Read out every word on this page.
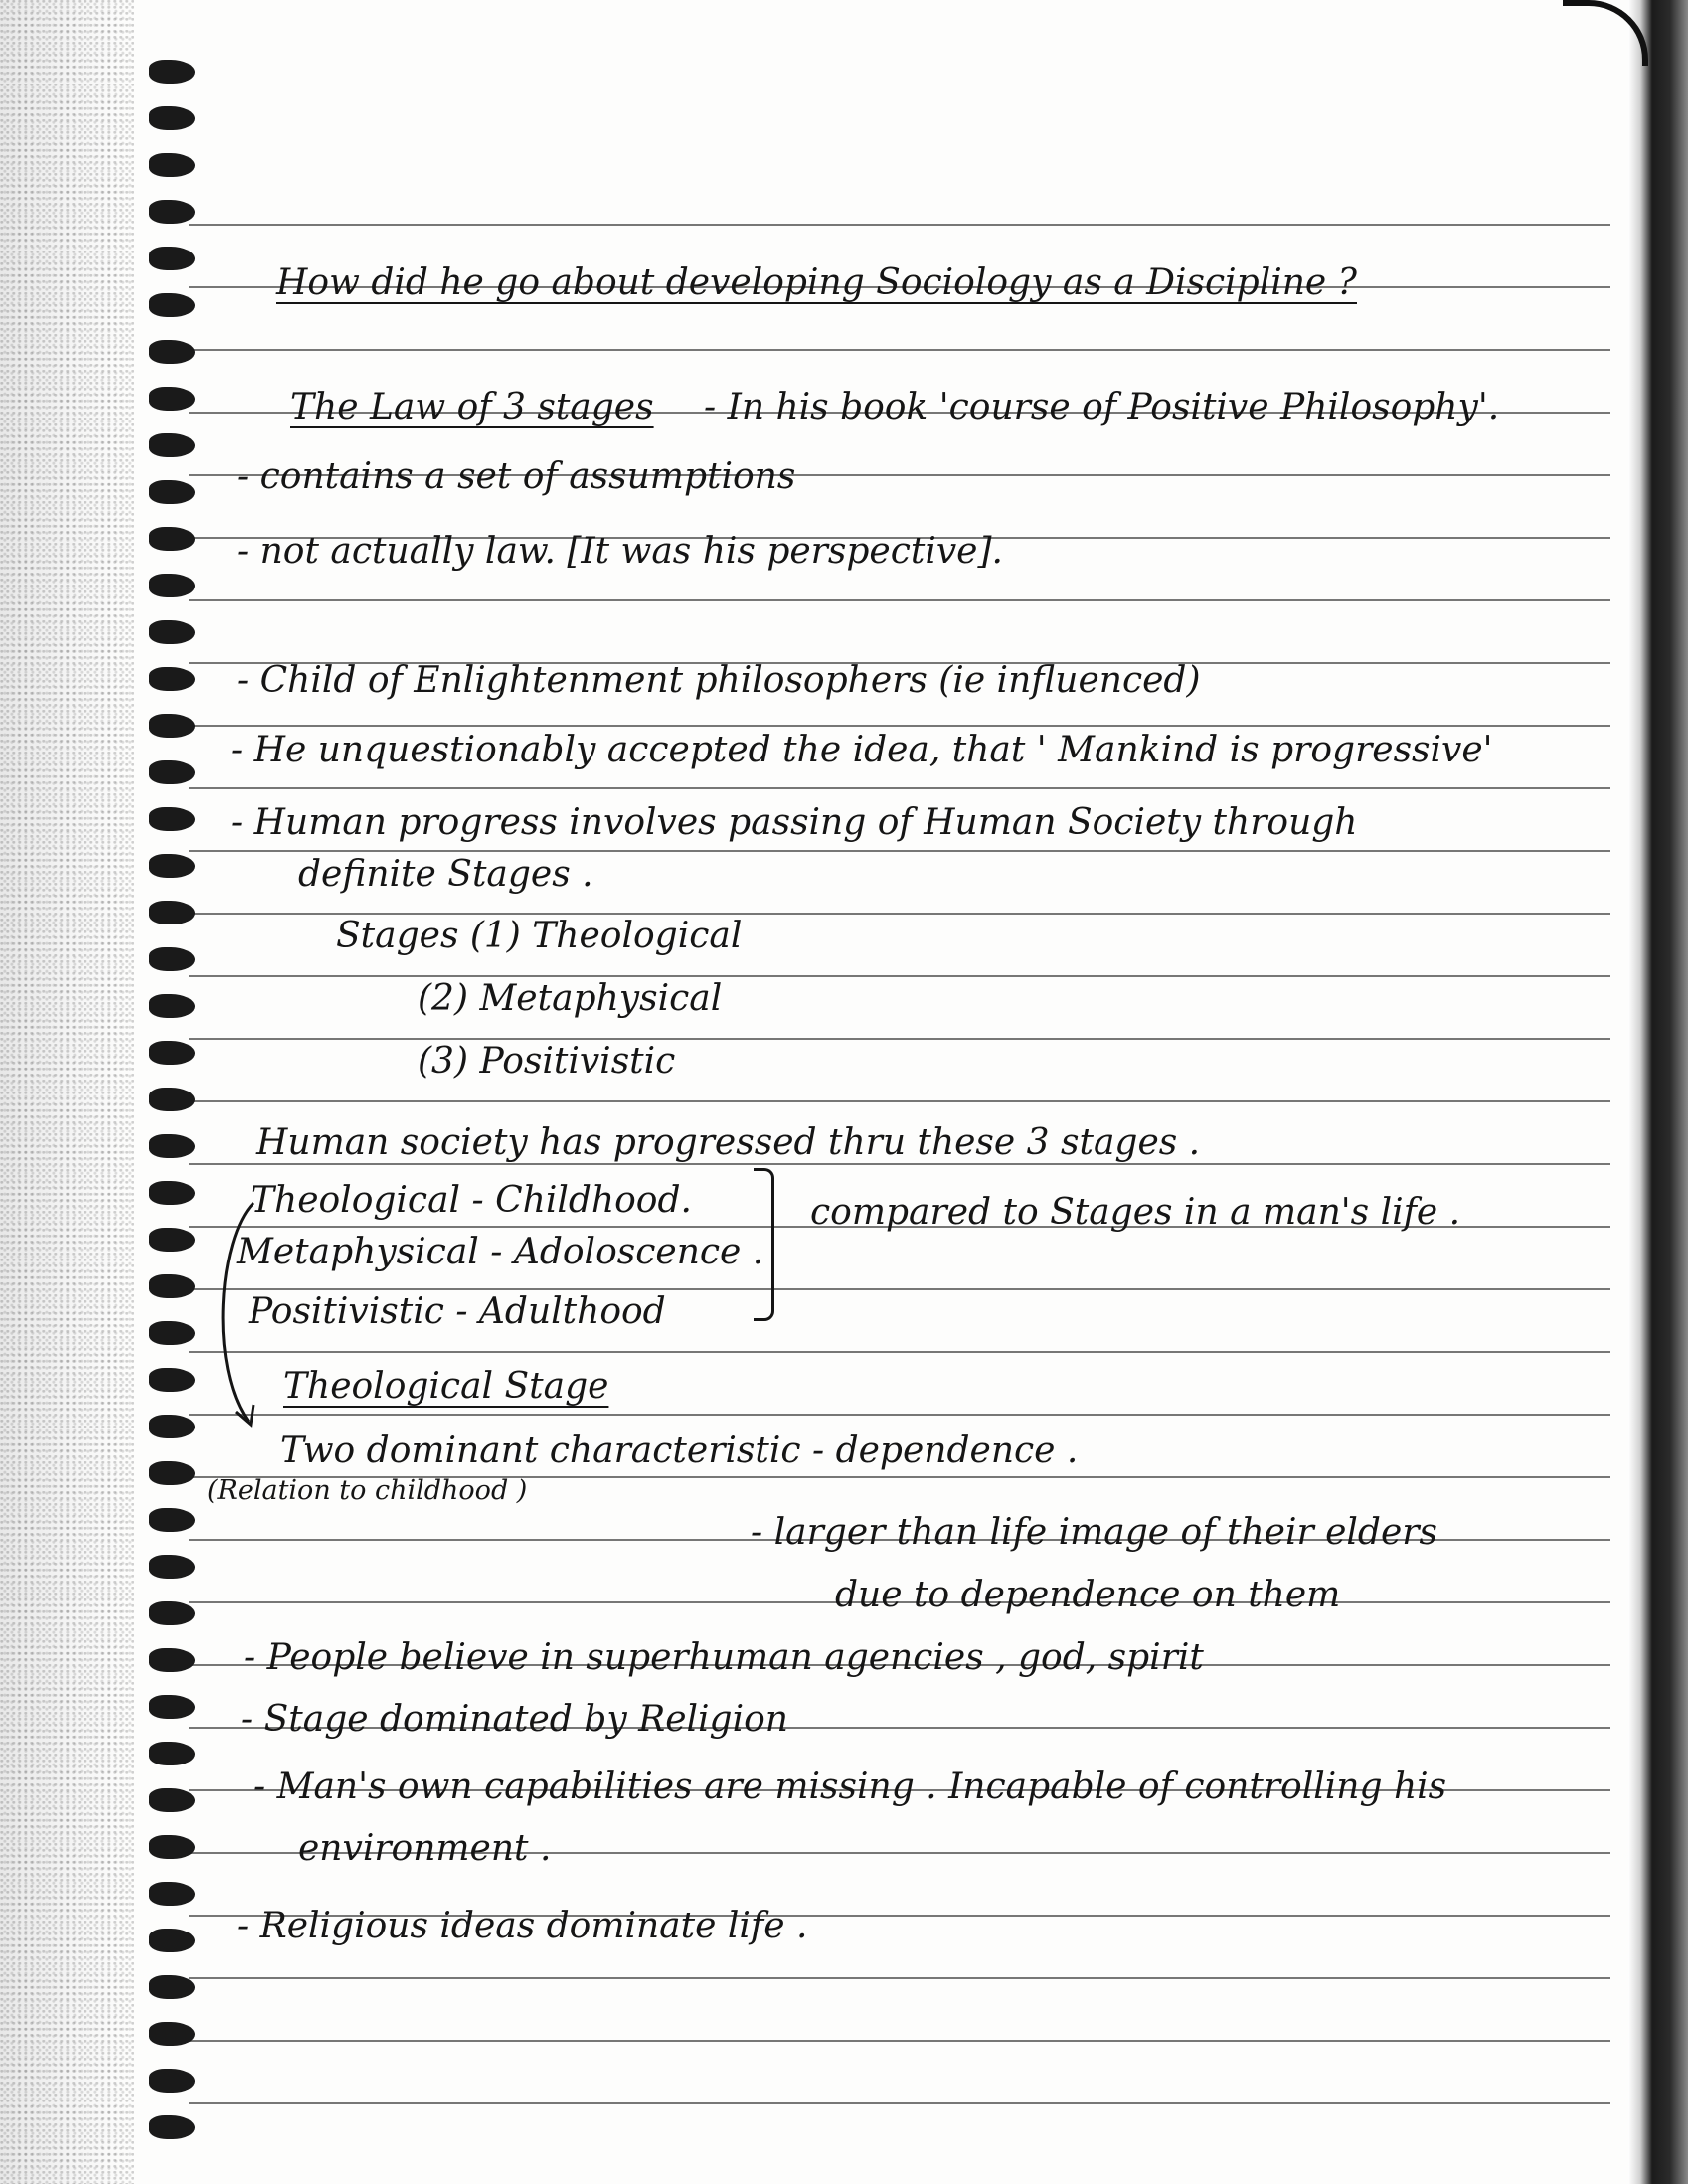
How did he go about developing Sociology as a Discipline ?
The Law of 3 stages - In his book 'course of Positive Philosophy'.
- contains a set of assumptions
- not actually law. [It was his perspective].
- Child of Enlightenment philosophers (ie influenced)
- He unquestionably accepted the idea, that ' Mankind is progressive'
- Human progress involves passing of Human Society through
definite Stages .
Stages (1) Theological
(2) Metaphysical
(3) Positivistic
Human society has progressed thru these 3 stages .
Theological - Childhood.
Metaphysical - Adoloscence .
Positivistic - Adulthood
compared to Stages in a man's life .
Theological Stage
Two dominant characteristic - dependence .
(Relation to childhood )
- larger than life image of their elders
due to dependence on them
- People believe in superhuman agencies , god, spirit
- Stage dominated by Religion
- Man's own capabilities are missing . Incapable of controlling his
environment .
- Religious ideas dominate life .
